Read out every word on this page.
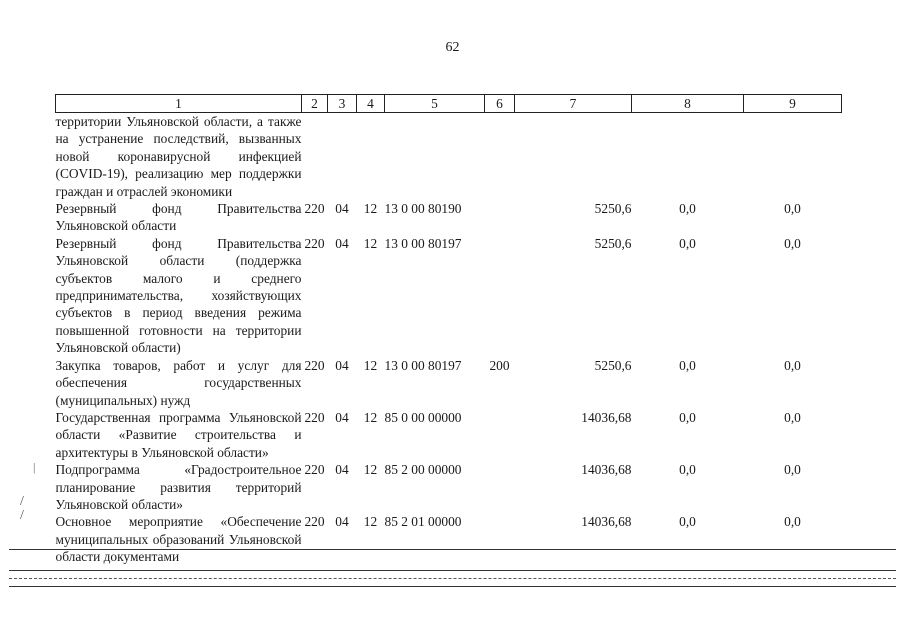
62
1	2	3	4	5	6	7	8	9
территории Ульяновской области, а также на устранение последствий, вызванных новой коронавирусной инфекцией (COVID-19), реализацию мер поддержки граждан и отраслей экономики								
Резервный фонд Правительства Ульяновской области	220	04	12	13 0 00 80190		5250,6	0,0	0,0
Резервный фонд Правительства Ульяновской области (поддержка субъектов малого и среднего предпринимательства, хозяйствующих субъектов в период введения режима повышенной готовности на территории Ульяновской области)	220	04	12	13 0 00 80197		5250,6	0,0	0,0
Закупка товаров, работ и услуг для обеспечения государственных (муниципальных) нужд	220	04	12	13 0 00 80197	200	5250,6	0,0	0,0
Государственная программа Ульяновской области «Развитие строительства и архитектуры в Ульяновской области»	220	04	12	85 0 00 00000		14036,68	0,0	0,0
Подпрограмма «Градостроительное планирование развития территорий Ульяновской области»	220	04	12	85 2 00 00000		14036,68	0,0	0,0
Основное мероприятие «Обеспечение муниципальных образований Ульяновской области документами	220	04	12	85 2 01 00000		14036,68	0,0	0,0
|
/
/
